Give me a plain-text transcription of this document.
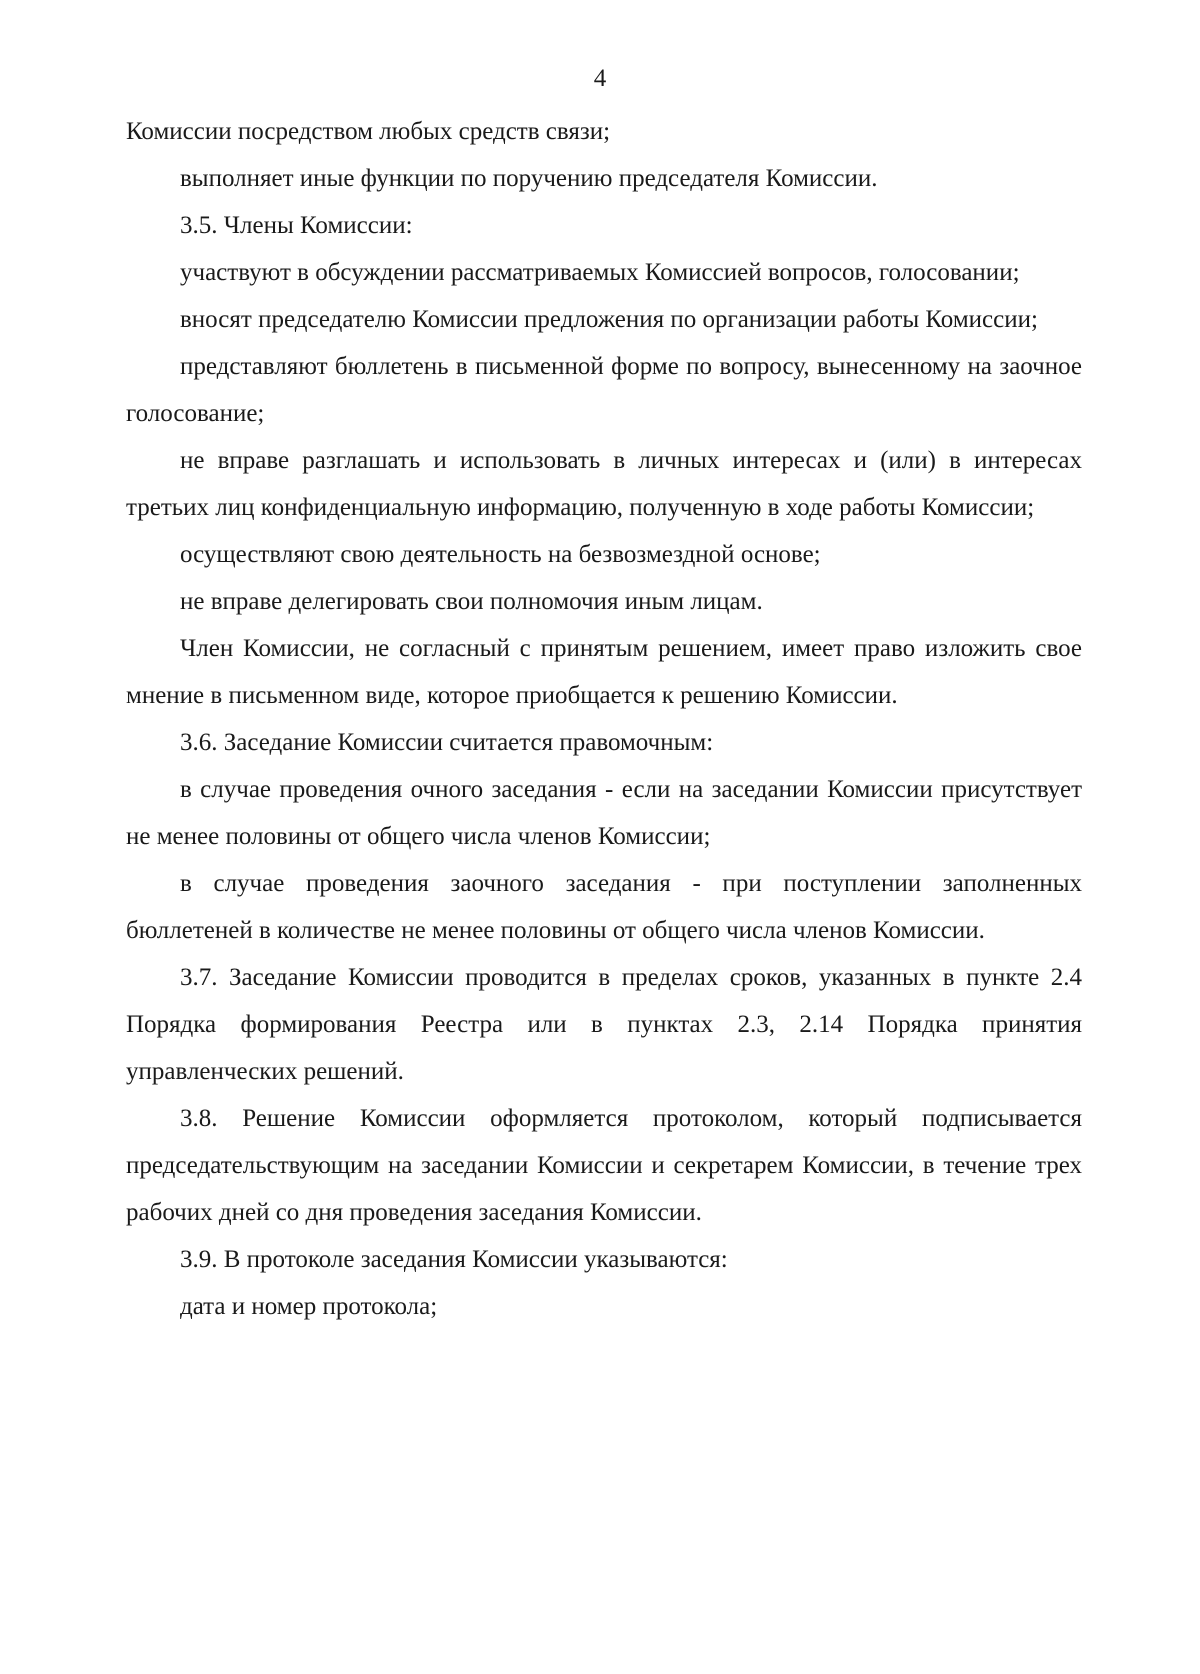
4

Комиссии посредством любых средств связи;

выполняет иные функции по поручению председателя Комиссии.

3.5. Члены Комиссии:

участвуют в обсуждении рассматриваемых Комиссией вопросов, голосовании;

вносят председателю Комиссии предложения по организации работы Комиссии;

представляют бюллетень в письменной форме по вопросу, вынесенному на заочное голосование;

не вправе разглашать и использовать в личных интересах и (или) в интересах третьих лиц конфиденциальную информацию, полученную в ходе работы Комиссии;

осуществляют свою деятельность на безвозмездной основе;

не вправе делегировать свои полномочия иным лицам.

Член Комиссии, не согласный с принятым решением, имеет право изложить свое мнение в письменном виде, которое приобщается к решению Комиссии.

3.6. Заседание Комиссии считается правомочным:

в случае проведения очного заседания - если на заседании Комиссии присутствует не менее половины от общего числа членов Комиссии;

в случае проведения заочного заседания - при поступлении заполненных бюллетеней в количестве не менее половины от общего числа членов Комиссии.

3.7. Заседание Комиссии проводится в пределах сроков, указанных в пункте 2.4 Порядка формирования Реестра или в пунктах 2.3, 2.14 Порядка принятия управленческих решений.

3.8. Решение Комиссии оформляется протоколом, который подписывается председательствующим на заседании Комиссии и секретарем Комиссии, в течение трех рабочих дней со дня проведения заседания Комиссии.

3.9. В протоколе заседания Комиссии указываются:

дата и номер протокола;
